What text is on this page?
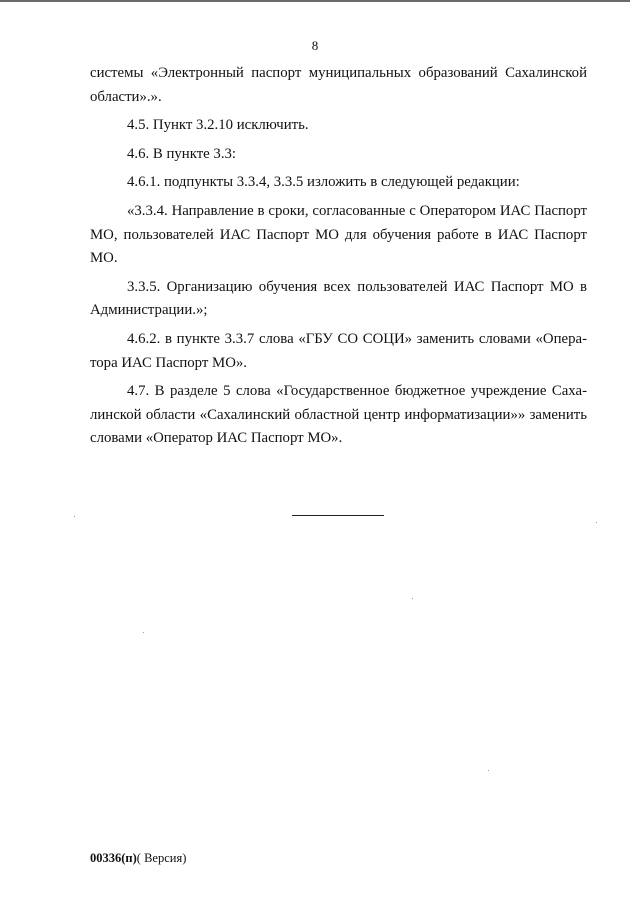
8

системы «Электронный паспорт муниципальных образований Сахалинской области».».

4.5. Пункт 3.2.10 исключить.

4.6. В пункте 3.3:

4.6.1. подпункты 3.3.4, 3.3.5 изложить в следующей редакции:

«3.3.4. Направление в сроки, согласованные с Оператором ИАС Паспорт МО, пользователей ИАС Паспорт МО для обучения работе в ИАС Паспорт МО.

3.3.5. Организацию обучения всех пользователей ИАС Паспорт МО в Администрации.»;

4.6.2. в пункте 3.3.7 слова «ГБУ СО СОЦИ» заменить словами «Опера-тора ИАС Паспорт МО».

4.7. В разделе 5 слова «Государственное бюджетное учреждение Саха-линской области «Сахалинский областной центр информатизации»» заменить словами «Оператор ИАС Паспорт МО».

00336(п)( Версия)
